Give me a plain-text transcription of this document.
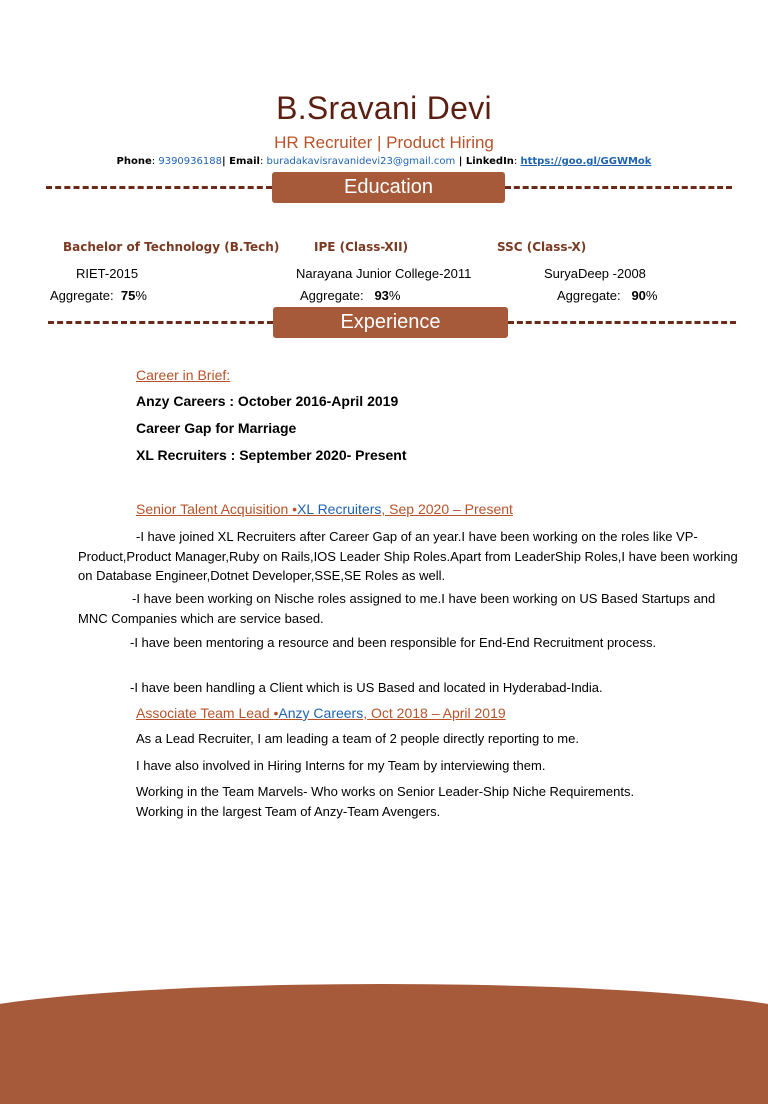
B.Sravani Devi
HR Recruiter | Product Hiring
Phone: 9390936188| Email: buradakavisravanidevi23@gmail.com | LinkedIn: https://goo.gl/GGWMok
Education
Bachelor of Technology (B.Tech)	IPE (Class-XII)	SSC (Class-X)
RIET-2015	Narayana Junior College-2011	SuryaDeep -2008
Aggregate: 75%	Aggregate: 93%	Aggregate: 90%
Experience
Career in Brief:
Anzy Careers : October 2016-April 2019
Career Gap for Marriage
XL Recruiters : September 2020- Present
Senior Talent Acquisition •XL Recruiters, Sep 2020 – Present
-I have joined XL Recruiters after Career Gap of an year.I have been working on the roles like VP-Product,Product Manager,Ruby on Rails,IOS Leader Ship Roles.Apart from LeaderShip Roles,I have been working on Database Engineer,Dotnet Developer,SSE,SE Roles as well.
-I have been working on Nische roles assigned to me.I have been working on US Based Startups and MNC Companies which are service based.
-I have been mentoring a resource and been responsible for End-End Recruitment process.
-I have been handling a Client which is US Based and located in Hyderabad-India.
Associate Team Lead •Anzy Careers, Oct 2018 – April 2019
As a Lead Recruiter, I am leading a team of 2 people directly reporting to me.
I have also involved in Hiring Interns for my Team by interviewing them.
Working in the Team Marvels- Who works on Senior Leader-Ship Niche Requirements.
Working in the largest Team of Anzy-Team Avengers.
